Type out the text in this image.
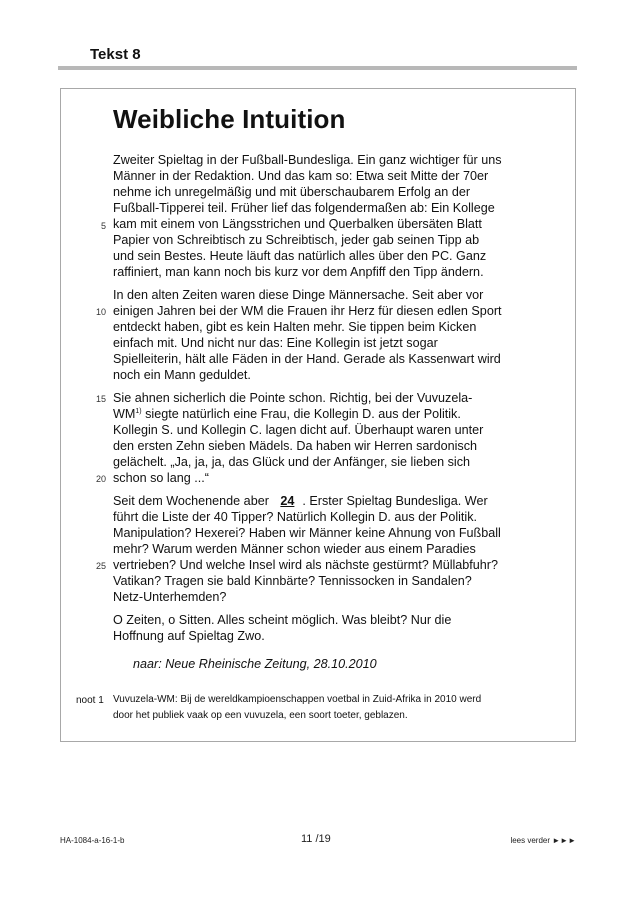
Tekst 8
Weibliche Intuition
Zweiter Spieltag in der Fußball-Bundesliga. Ein ganz wichtiger für uns
Männer in der Redaktion. Und das kam so: Etwa seit Mitte der 70er
nehme ich unregelmäßig und mit überschaubarem Erfolg an der
Fußball-Tipperei teil. Früher lief das folgendermaßen ab: Ein Kollege
kam mit einem von Längsstrichen und Querbalken übersäten Blatt
Papier von Schreibtisch zu Schreibtisch, jeder gab seinen Tipp ab
und sein Bestes. Heute läuft das natürlich alles über den PC. Ganz
raffiniert, man kann noch bis kurz vor dem Anpfiff den Tipp ändern.
In den alten Zeiten waren diese Dinge Männersache. Seit aber vor
einigen Jahren bei der WM die Frauen ihr Herz für diesen edlen Sport
entdeckt haben, gibt es kein Halten mehr. Sie tippen beim Kicken
einfach mit. Und nicht nur das: Eine Kollegin ist jetzt sogar
Spielleiterin, hält alle Fäden in der Hand. Gerade als Kassenwart wird
noch ein Mann geduldet.
Sie ahnen sicherlich die Pointe schon. Richtig, bei der Vuvuzela-
WM$^{1)}$ siegte natürlich eine Frau, die Kollegin D. aus der Politik.
Kollegin S. und Kollegin C. lagen dicht auf. Überhaupt waren unter
den ersten Zehn sieben Mädels. Da haben wir Herren sardonisch
gelächelt. „Ja, ja, ja, das Glück und der Anfänger, sie lieben sich
schon so lang ...“
Seit dem Wochenende aber 24 . Erster Spieltag Bundesliga. Wer
führt die Liste der 40 Tipper? Natürlich Kollegin D. aus der Politik.
Manipulation? Hexerei? Haben wir Männer keine Ahnung von Fußball
mehr? Warum werden Männer schon wieder aus einem Paradies
vertrieben? Und welche Insel wird als nächste gestürmt? Müllabfuhr?
Vatikan? Tragen sie bald Kinnbärte? Tennissocken in Sandalen?
Netz-Unterhemden?
O Zeiten, o Sitten. Alles scheint möglich. Was bleibt? Nur die
Hoffnung auf Spieltag Zwo.
5
10
15
20
25
naar: Neue Rheinische Zeitung, 28.10.2010
noot 1 Vuvuzela-WM: Bij de wereldkampioenschappen voetbal in Zuid-Afrika in 2010 werd
door het publiek vaak op een vuvuzela, een soort toeter, geblazen.
HA-1084-a-16-1-b	11 /19	lees verder ►►►
